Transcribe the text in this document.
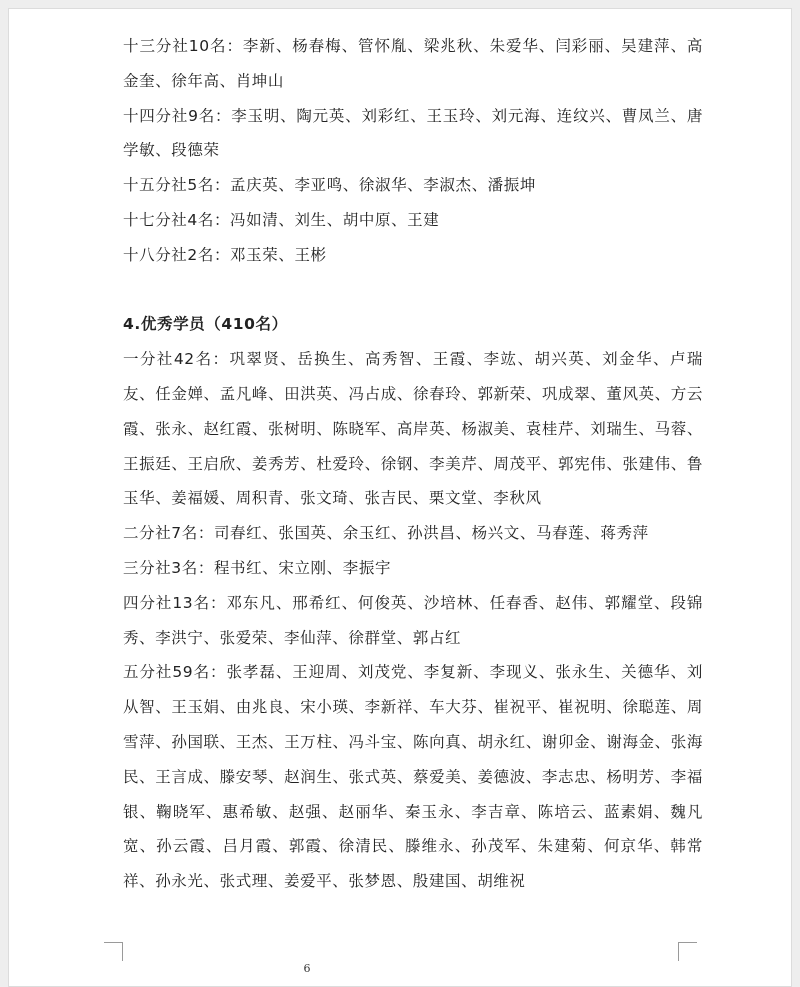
十三分社10名：李新、杨春梅、管怀胤、梁兆秋、朱爱华、闫彩丽、吴建萍、高金奎、徐年高、肖坤山

十四分社9名：李玉明、陶元英、刘彩红、王玉玲、刘元海、连纹兴、曹凤兰、唐学敏、段德荣

十五分社5名：孟庆英、李亚鸣、徐淑华、李淑杰、潘振坤

十七分社4名：冯如清、刘生、胡中原、王建

十八分社2名：邓玉荣、王彬

4.优秀学员（410名）

一分社42名：巩翠贤、岳换生、高秀智、王霞、李竑、胡兴英、刘金华、卢瑞友、任金婵、孟凡峰、田洪英、冯占成、徐春玲、郭新荣、巩成翠、董风英、方云霞、张永、赵红霞、张树明、陈晓军、高岸英、杨淑美、袁桂芹、刘瑞生、马蓉、王振廷、王启欣、姜秀芳、杜爱玲、徐钢、李美芹、周茂平、郭宪伟、张建伟、鲁玉华、姜福媛、周积青、张文琦、张吉民、栗文堂、李秋风

二分社7名：司春红、张国英、余玉红、孙洪昌、杨兴文、马春莲、蒋秀萍

三分社3名：程书红、宋立刚、李振宇

四分社13名：邓东凡、邢希红、何俊英、沙培林、任春香、赵伟、郭耀堂、段锦秀、李洪宁、张爱荣、李仙萍、徐群堂、郭占红

五分社59名：张孝磊、王迎周、刘茂党、李复新、李现义、张永生、关德华、刘从智、王玉娟、由兆良、宋小瑛、李新祥、车大芬、崔祝平、崔祝明、徐聪莲、周雪萍、孙国联、王杰、王万柱、冯斗宝、陈向真、胡永红、谢卯金、谢海金、张海民、王言成、滕安琴、赵润生、张式英、蔡爱美、姜德波、李志忠、杨明芳、李福银、鞠晓军、惠希敏、赵强、赵丽华、秦玉永、李吉章、陈培云、蓝素娟、魏凡宽、孙云霞、吕月霞、郭霞、徐清民、滕维永、孙茂军、朱建菊、何京华、韩常祥、孙永光、张式理、姜爱平、张梦恩、殷建国、胡维祝

6
